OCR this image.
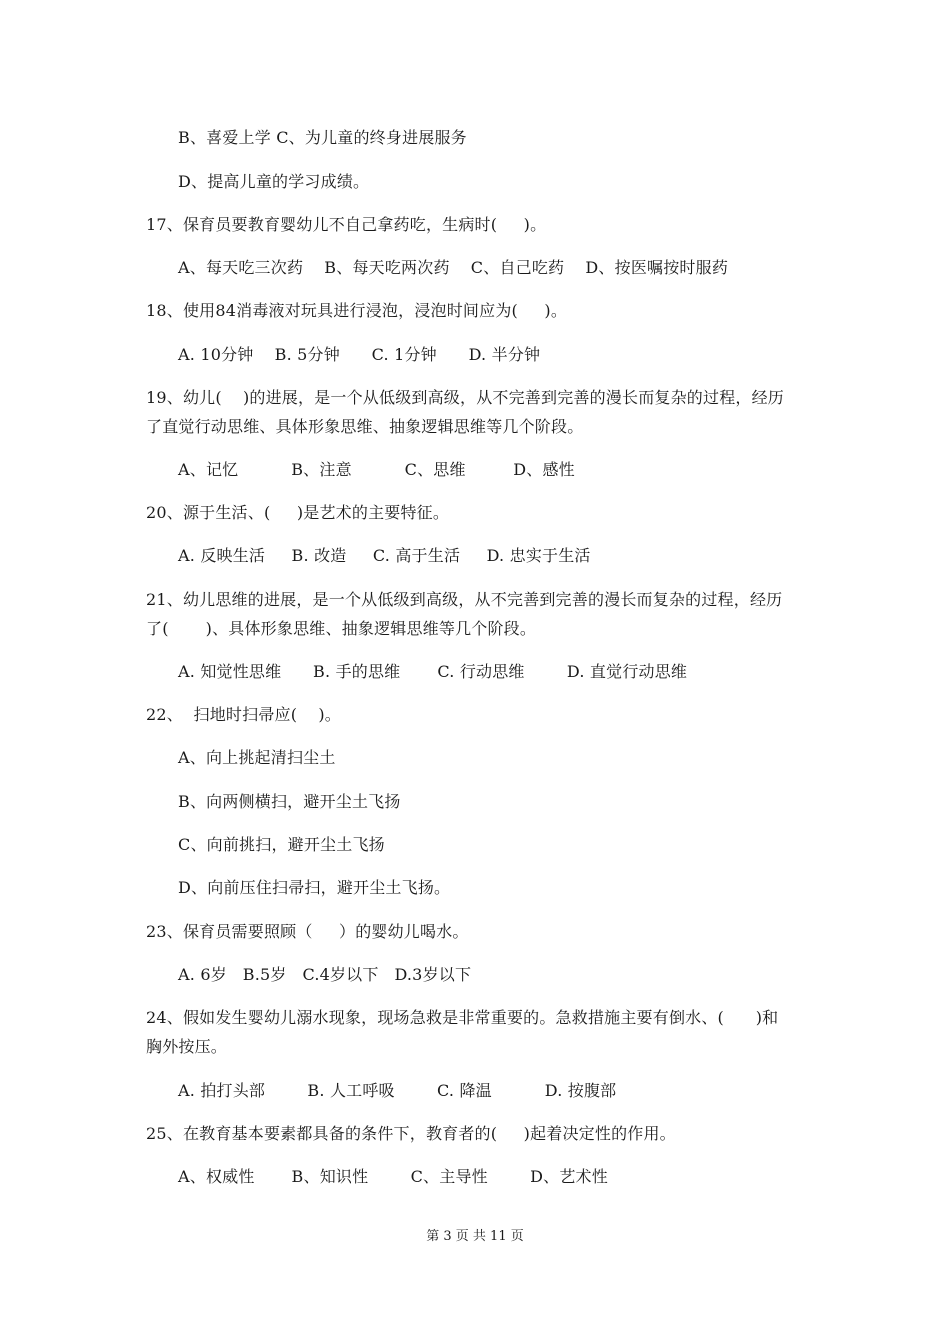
B、喜爱上学 C、为儿童的终身进展服务
D、提高儿童的学习成绩。
17、保育员要教育婴幼儿不自己拿药吃，生病时(     )。
A、每天吃三次药    B、每天吃两次药    C、自己吃药    D、按医嘱按时服药
18、使用84消毒液对玩具进行浸泡，浸泡时间应为(     )。
A. 10分钟    B. 5分钟      C. 1分钟      D. 半分钟
19、幼儿(    )的进展，是一个从低级到高级，从不完善到完善的漫长而复杂的过程，经历
了直觉行动思维、具体形象思维、抽象逻辑思维等几个阶段。
A、记忆          B、注意          C、思维         D、感性
20、源于生活、(     )是艺术的主要特征。
A. 反映生活     B. 改造     C. 高于生活     D. 忠实于生活
21、幼儿思维的进展，是一个从低级到高级，从不完善到完善的漫长而复杂的过程，经历
了(       )、具体形象思维、抽象逻辑思维等几个阶段。
A. 知觉性思维      B. 手的思维       C. 行动思维        D. 直觉行动思维
22、  扫地时扫帚应(    )。
A、向上挑起清扫尘土
B、向两侧横扫，避开尘土飞扬
C、向前挑扫，避开尘土飞扬
D、向前压住扫帚扫，避开尘土飞扬。
23、保育员需要照顾（     ）的婴幼儿喝水。
A. 6岁   B.5岁   C.4岁以下   D.3岁以下
24、假如发生婴幼儿溺水现象，现场急救是非常重要的。急救措施主要有倒水、(      )和
胸外按压。
A. 拍打头部        B. 人工呼吸        C. 降温          D. 按腹部
25、在教育基本要素都具备的条件下，教育者的(     )起着决定性的作用。
A、权威性       B、知识性        C、主导性        D、艺术性
第 3 页 共 11 页
